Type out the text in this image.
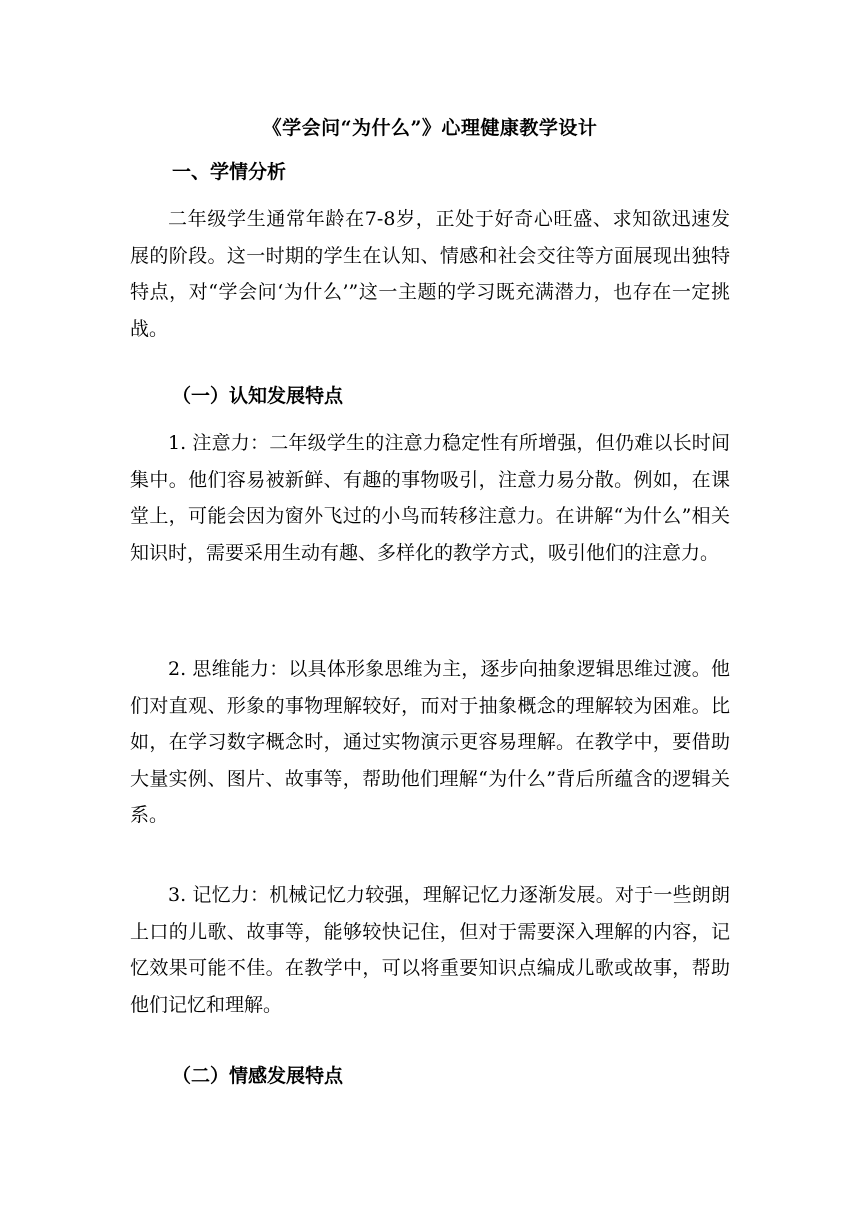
《学会问“为什么”》心理健康教学设计
一、学情分析

二年级学生通常年龄在7-8岁，正处于好奇心旺盛、求知欲迅速发展的阶段。这一时期的学生在认知、情感和社会交往等方面展现出独特特点，对“学会问‘为什么’”这一主题的学习既充满潜力，也存在一定挑战。

（一）认知发展特点

1. 注意力：二年级学生的注意力稳定性有所增强，但仍难以长时间集中。他们容易被新鲜、有趣的事物吸引，注意力易分散。例如，在课堂上，可能会因为窗外飞过的小鸟而转移注意力。在讲解“为什么”相关知识时，需要采用生动有趣、多样化的教学方式，吸引他们的注意力。

2. 思维能力：以具体形象思维为主，逐步向抽象逻辑思维过渡。他们对直观、形象的事物理解较好，而对于抽象概念的理解较为困难。比如，在学习数字概念时，通过实物演示更容易理解。在教学中，要借助大量实例、图片、故事等，帮助他们理解“为什么”背后所蕴含的逻辑关系。

3. 记忆力：机械记忆力较强，理解记忆力逐渐发展。对于一些朗朗上口的儿歌、故事等，能够较快记住，但对于需要深入理解的内容，记忆效果可能不佳。在教学中，可以将重要知识点编成儿歌或故事，帮助他们记忆和理解。

（二）情感发展特点
